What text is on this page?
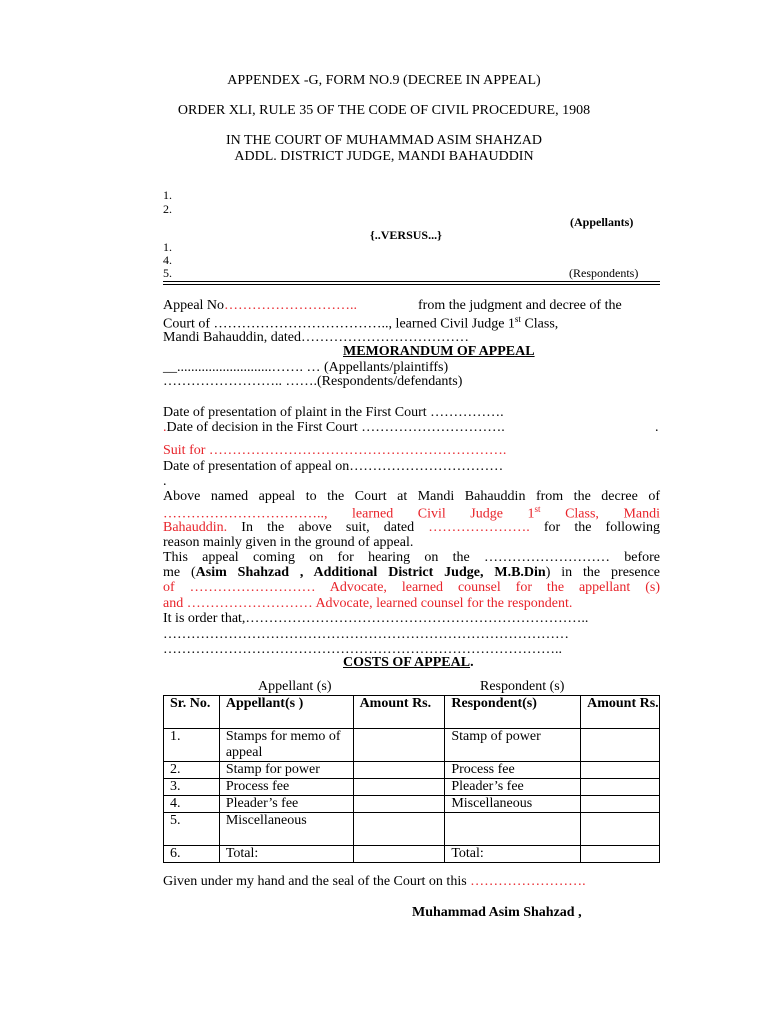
APPENDEX -G, FORM NO.9 (DECREE IN APPEAL)
ORDER XLI, RULE 35 OF THE CODE OF CIVIL PROCEDURE, 1908
IN THE COURT OF MUHAMMAD ASIM SHAHZAD
ADDL. DISTRICT JUDGE, MANDI BAHAUDDIN
1.
2.
(Appellants)
{..VERSUS...}
1.
4.
5.	(Respondents)
Appeal No………………………..	from the judgment and decree of the
Court of ……………………………….., learned Civil Judge 1st Class,
Mandi Bahauddin, dated………………………………
MEMORANDUM OF APPEAL
__...........................……. … (Appellants/plaintiffs)
…………………….. …….(Respondents/defendants)
Date of presentation of plaint in the First Court …………….
.Date of decision in the First Court ………………………….	.
Suit for ……………………………………………………….
Date of presentation of appeal on……………………………
.
Above named appeal to the Court at Mandi Bahauddin from the decree of
…………………………….., learned Civil Judge 1st Class, Mandi
Bahauddin. In the above suit, dated …………………. for the following
reason mainly given in the ground of appeal.
This appeal coming on for hearing on the ……………………… before
me (Asim Shahzad , Additional District Judge, M.B.Din) in the presence
of ……………………… Advocate, learned counsel for the appellant (s)
and ……………………… Advocate, learned counsel for the respondent.
It is order that,………………………………………………………………..
……………………………………………………………………………
…………………………………………………………………………..
COSTS OF APPEAL.
Appellant (s)	Respondent (s)
Sr. No.	Appellant(s )	Amount Rs.	Respondent(s)	Amount Rs.
1.	Stamps for memo of appeal		Stamp of power	
2.	Stamp for power		Process fee	
3.	Process fee		Pleader’s fee	
4.	Pleader’s fee		Miscellaneous	
5.	Miscellaneous			
6.	Total:		Total:	
Given under my hand and the seal of the Court on this …………………….
Muhammad Asim Shahzad ,
